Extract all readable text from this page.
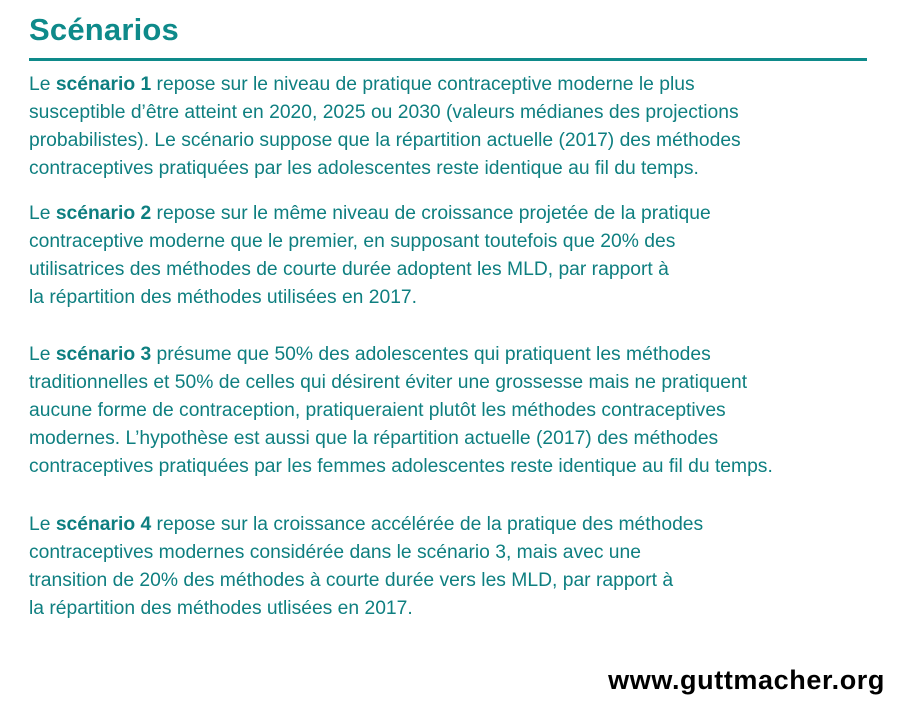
Scénarios
Le scénario 1 repose sur le niveau de pratique contraceptive moderne le plus
susceptible d’être atteint en 2020, 2025 ou 2030 (valeurs médianes des projections
probabilistes). Le scénario suppose que la répartition actuelle (2017) des méthodes
contraceptives pratiquées par les adolescentes reste identique au fil du temps.
Le scénario 2 repose sur le même niveau de croissance projetée de la pratique
contraceptive moderne que le premier, en supposant toutefois que 20% des
utilisatrices des méthodes de courte durée adoptent les MLD, par rapport à
la répartition des méthodes utilisées en 2017.
Le scénario 3 présume que 50% des adolescentes qui pratiquent les méthodes
traditionnelles et 50% de celles qui désirent éviter une grossesse mais ne pratiquent
aucune forme de contraception, pratiqueraient plutôt les méthodes contraceptives
modernes. L’hypothèse est aussi que la répartition actuelle (2017) des méthodes
contraceptives pratiquées par les femmes adolescentes reste identique au fil du temps.
Le scénario 4 repose sur la croissance accélérée de la pratique des méthodes
contraceptives modernes considérée dans le scénario 3, mais avec une
transition de 20% des méthodes à courte durée vers les MLD, par rapport à
la répartition des méthodes utlisées en 2017.
www.guttmacher.org
